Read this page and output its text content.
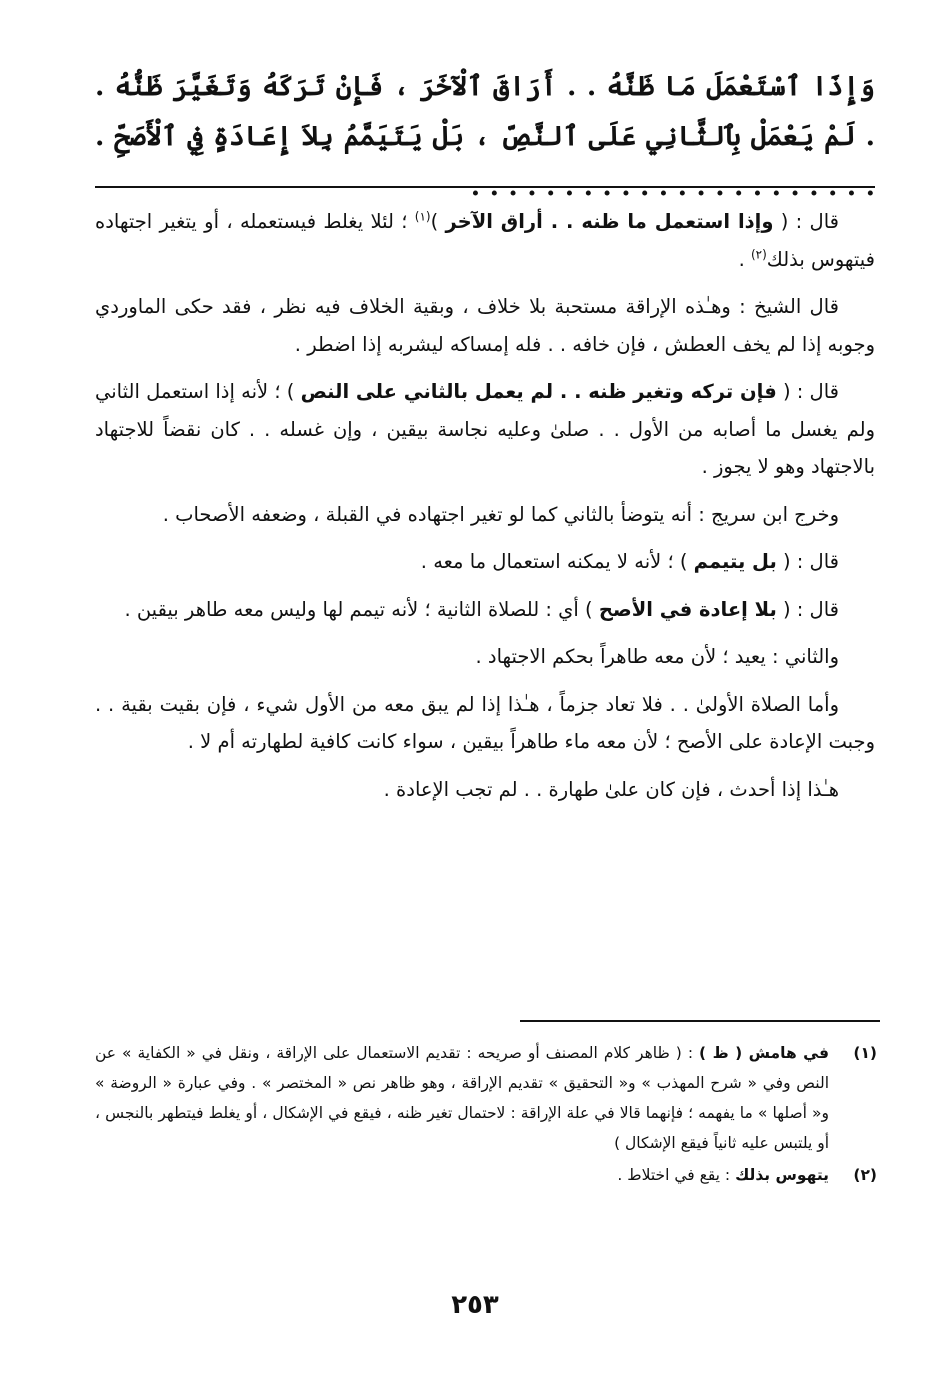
وَإِذَا ٱسْتَعْمَلَ مَا ظَنَّهُ . . أَرَاقَ ٱلْآخَرَ ، فَإِنْ تَرَكَهُ وَتَغَيَّرَ ظَنُّهُ . . لَمْ يَعْمَلْ بِٱلثَّانِي عَلَى ٱلنَّصِّ ، بَلْ يَتَيَمَّمُ بِلاَ إِعَادَةٍ فِي ٱلْأَصَحِّ . . . . . . . . . . . . . . . . . . . . . . .

قال : ( وإذا استعمل ما ظنه . . أراق الآخر )$^{(١)}$ ؛ لئلا يغلط فيستعمله ، أو يتغير اجتهاده فيتهوس بذلك$^{(٢)}$ .

قال الشيخ : وهـٰذه الإراقة مستحبة بلا خلاف ، وبقية الخلاف فيه نظر ، فقد حكى الماوردي وجوبه إذا لم يخف العطش ، فإن خافه . . فله إمساكه ليشربه إذا اضطر .

قال : ( فإن تركه وتغير ظنه . . لم يعمل بالثاني على النص ) ؛ لأنه إذا استعمل الثاني ولم يغسل ما أصابه من الأول . . صلىٰ وعليه نجاسة بيقين ، وإن غسله . . كان نقضاً للاجتهاد بالاجتهاد وهو لا يجوز .

وخرج ابن سريج : أنه يتوضأ بالثاني كما لو تغير اجتهاده في القبلة ، وضعفه الأصحاب .

قال : ( بل يتيمم ) ؛ لأنه لا يمكنه استعمال ما معه .

قال : ( بلا إعادة في الأصح ) أي : للصلاة الثانية ؛ لأنه تيمم لها وليس معه طاهر بيقين .

والثاني : يعيد ؛ لأن معه طاهراً بحكم الاجتهاد .

وأما الصلاة الأولىٰ . . فلا تعاد جزماً ، هـٰذا إذا لم يبق معه من الأول شيء ، فإن بقيت بقية . . وجبت الإعادة على الأصح ؛ لأن معه ماء طاهراً بيقين ، سواء كانت كافية لطهارته أم لا .

هـٰذا إذا أحدث ، فإن كان علىٰ طهارة . . لم تجب الإعادة .

(١)
في هامش ( ظ ) : ( ظاهر كلام المصنف أو صريحه : تقديم الاستعمال على الإراقة ، ونقل في « الكفاية » عن النص وفي « شرح المهذب » و« التحقيق » تقديم الإراقة ، وهو ظاهر نص « المختصر » . وفي عبارة « الروضة » و« أصلها » ما يفهمه ؛ فإنهما قالا في علة الإراقة : لاحتمال تغير ظنه ، فيقع في الإشكال ، أو يغلط فيتطهر بالنجس ، أو يلتبس عليه ثانياً فيقع الإشكال )
(٢)
يتهوس بذلك : يقع في اختلاط .
٢٥٣
